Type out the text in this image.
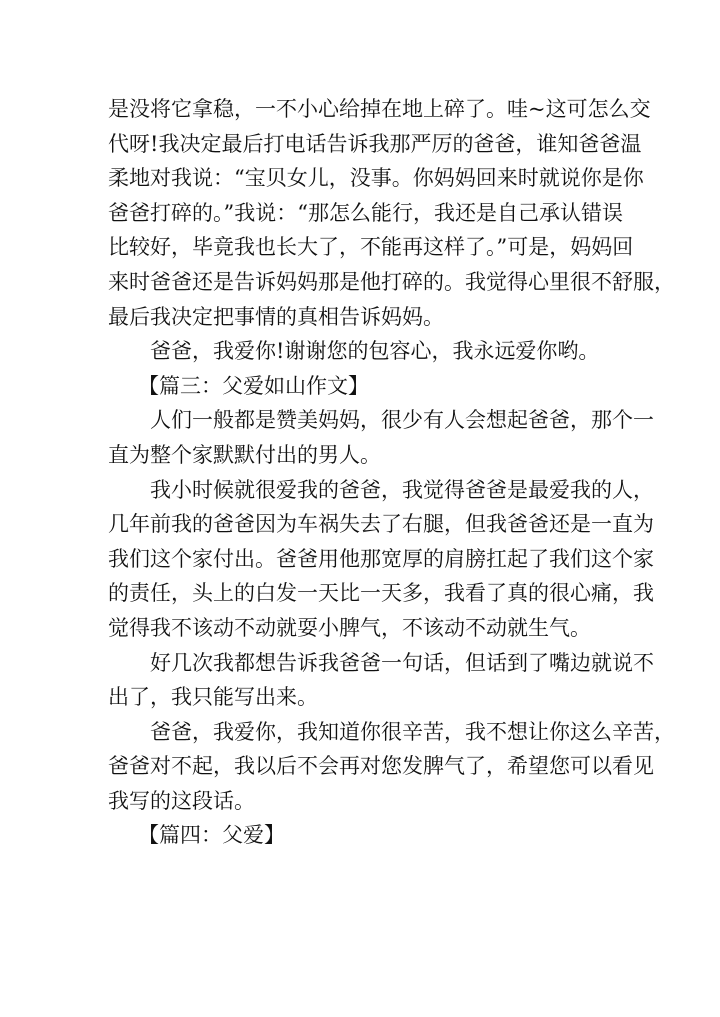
是没将它拿稳，一不小心给掉在地上碎了。哇~这可怎么交
代呀!我决定最后打电话告诉我那严厉的爸爸，谁知爸爸温
柔地对我说：“宝贝女儿，没事。你妈妈回来时就说你是你
爸爸打碎的。”我说：“那怎么能行，我还是自己承认错误
比较好，毕竟我也长大了，不能再这样了。”可是，妈妈回
来时爸爸还是告诉妈妈那是他打碎的。我觉得心里很不舒服，
最后我决定把事情的真相告诉妈妈。
爸爸，我爱你!谢谢您的包容心，我永远爱你哟。
【篇三：父爱如山作文】
人们一般都是赞美妈妈，很少有人会想起爸爸，那个一
直为整个家默默付出的男人。
我小时候就很爱我的爸爸，我觉得爸爸是最爱我的人，
几年前我的爸爸因为车祸失去了右腿，但我爸爸还是一直为
我们这个家付出。爸爸用他那宽厚的肩膀扛起了我们这个家
的责任，头上的白发一天比一天多，我看了真的很心痛，我
觉得我不该动不动就耍小脾气，不该动不动就生气。
好几次我都想告诉我爸爸一句话，但话到了嘴边就说不
出了，我只能写出来。
爸爸，我爱你，我知道你很辛苦，我不想让你这么辛苦，
爸爸对不起，我以后不会再对您发脾气了，希望您可以看见
我写的这段话。
【篇四：父爱】
